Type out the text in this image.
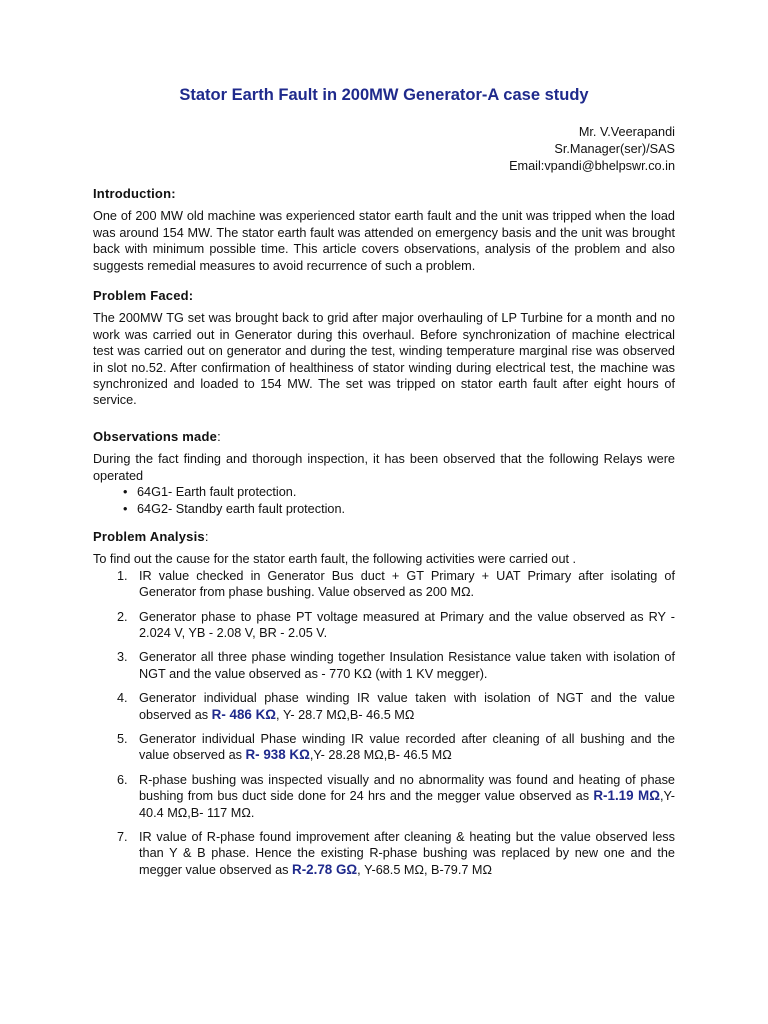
Stator Earth Fault in 200MW Generator-A case study
Mr. V.Veerapandi
Sr.Manager(ser)/SAS
Email:vpandi@bhelpswr.co.in
Introduction:

One of 200 MW old machine was experienced stator earth fault and the unit was tripped when the load was around 154 MW. The stator earth fault was attended on emergency basis and the unit was brought back with minimum possible time. This article covers observations, analysis of the problem and also suggests remedial measures to avoid recurrence of such a problem.

Problem Faced:

The 200MW TG set was brought back to grid after major overhauling of LP Turbine for a month and no work was carried out in Generator during this overhaul. Before synchronization of machine electrical test was carried out on generator and during the test, winding temperature marginal rise was observed in slot no.52. After confirmation of healthiness of stator winding during electrical test, the machine was synchronized and loaded to 154 MW. The set was tripped on stator earth fault after eight hours of service.

Observations made:

During the fact finding and thorough inspection, it has been observed that the following Relays were operated

• 64G1- Earth fault protection.
• 64G2- Standby earth fault protection.
Problem Analysis:

To find out the cause for the stator earth fault, the following activities were carried out .

1. IR value checked in Generator Bus duct + GT Primary + UAT Primary after isolating of Generator from phase bushing. Value observed as 200 MΩ.
2. Generator phase to phase PT voltage measured at Primary and the value observed as RY - 2.024 V, YB - 2.08 V, BR - 2.05 V.
3. Generator all three phase winding together Insulation Resistance value taken with isolation of NGT and the value observed as - 770 KΩ (with 1 KV megger).
4. Generator individual phase winding IR value taken with isolation of NGT and the value observed as R- 486 KΩ, Y- 28.7 MΩ,B- 46.5 MΩ
5. Generator individual Phase winding IR value recorded after cleaning of all bushing and the value observed as R- 938 KΩ,Y- 28.28 MΩ,B- 46.5 MΩ
6. R-phase bushing was inspected visually and no abnormality was found and heating of phase bushing from bus duct side done for 24 hrs and the megger value observed as R-1.19 MΩ,Y-40.4 MΩ,B- 117 MΩ.
7. IR value of R-phase found improvement after cleaning & heating but the value observed less than Y & B phase. Hence the existing R-phase bushing was replaced by new one and the megger value observed as R-2.78 GΩ, Y-68.5 MΩ, B-79.7 MΩ
